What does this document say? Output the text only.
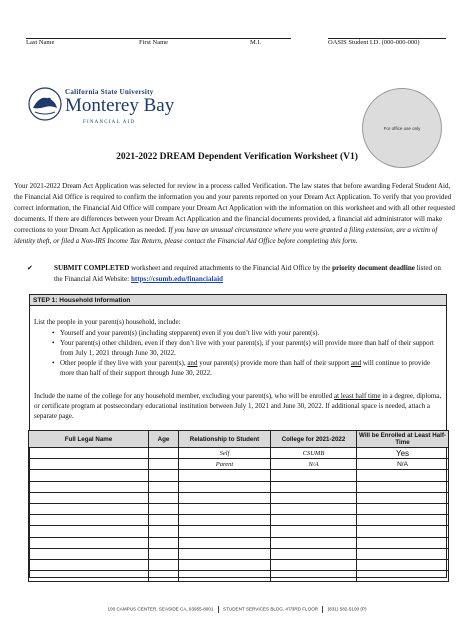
Last Name	First Name	M.I.	OASIS Student I.D. (000-000-000)
California State University
Monterey Bay
FINANCIAL AID
For office use only
2021-2022 DREAM Dependent Verification Worksheet (V1)

Your 2021-2022 Dream Act Application was selected for review in a process called Verification. The law states that before awarding Federal Student Aid, the Financial Aid Office is required to confirm the information you and your parents reported on your Dream Act Application. To verify that you provided correct information, the Financial Aid Office will compare your Dream Act Application with the information on this worksheet and with all other requested documents. If there are differences between your Dream Act Application and the financial documents provided, a financial aid administrator will make corrections to your Dream Act Application as needed. If you have an unusual circumstance where you were granted a filing extension, are a victim of identity theft, or filed a Non-IRS Income Tax Return, please contact the Financial Aid Office before completing this form.

✔	SUBMIT COMPLETED worksheet and required attachments to the Financial Aid Office by the priority document deadline listed on the Financial Aid Website: https://csumb.edu/financialaid
STEP 1: Household Information
List the people in your parent(s) household, include:
• Yourself and your parent(s) (including stepparent) even if you don’t live with your parent(s).
• Your parent(s) other children, even if they don’t live with your parent(s), if your parent(s) will provide more than half of their support from July 1, 2021 through June 30, 2022.
• Other people if they live with your parent(s), and your parent(s) provide more than half of their support and will continue to provide more than half of their support through June 30, 2022.

Include the name of the college for any household member, excluding your parent(s), who will be enrolled at least half time in a degree, diploma, or certificate program at postsecondary educational institution between July 1, 2021 and June 30, 2022. If additional space is needed, attach a separate page.

Full Legal Name	Age	Relationship to Student	College for 2021-2022	Will be Enrolled at Least Half-Time
		Self	CSUMB	Yes
		Parent	N/A	N/A

100 CAMPUS CENTER, SEASIDE CA, 93955-8001 STUDENT SERVICES BLDG. 47/3RD FLOOR (831) 582-5100 (P)
